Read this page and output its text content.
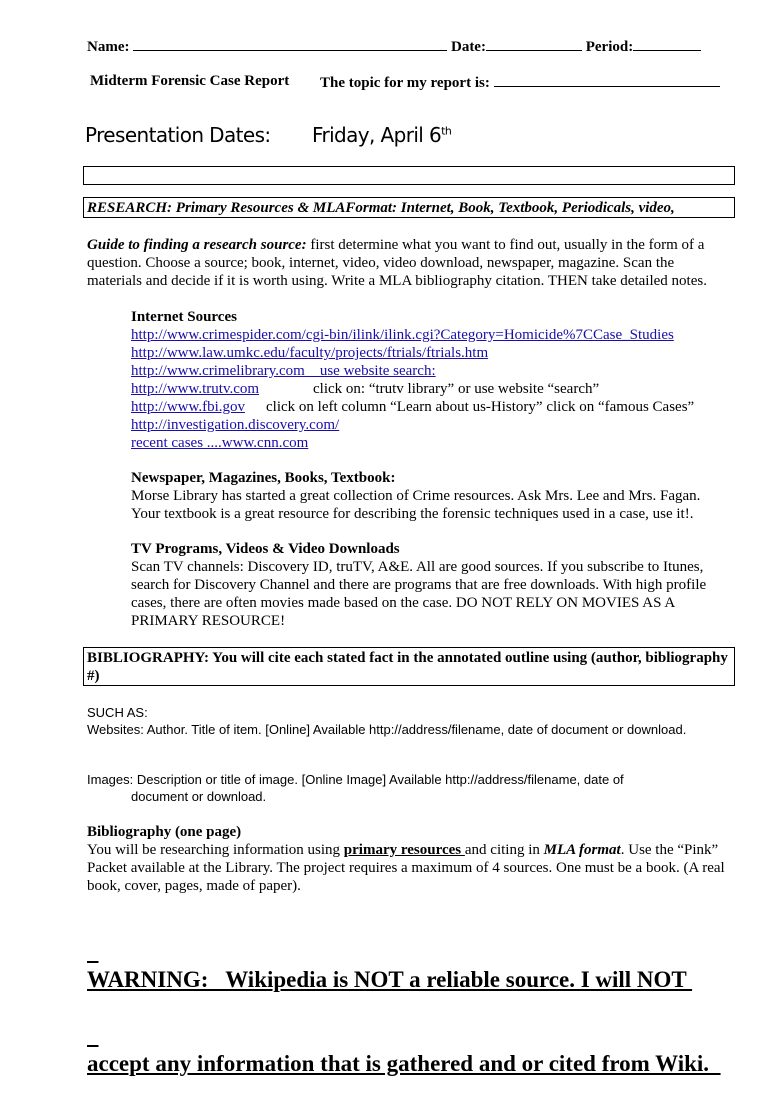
Name:	Date:	Period:
Midterm Forensic Case Report The topic for my report is:
Presentation Dates: Friday, April 6th
RESEARCH: Primary Resources & MLAFormat: Internet, Book, Textbook, Periodicals, video,

Guide to finding a research source: first determine what you want to find out, usually in the form of a question. Choose a source; book, internet, video, video download, newspaper, magazine. Scan the materials and decide if it is worth using. Write a MLA bibliography citation. THEN take detailed notes.

Internet Sources
http://www.crimespider.com/cgi-bin/ilink/ilink.cgi?Category=Homicide%7CCase_Studies
http://www.law.umkc.edu/faculty/projects/ftrials/ftrials.htm
http://www.crimelibrary.com    use website search:
http://www.trutv.com	click on: “trutv library” or use website “search”
http://www.fbi.gov click on left column “Learn about us-History” click on “famous Cases”
http://investigation.discovery.com/
recent cases ....www.cnn.com
Newspaper, Magazines, Books, Textbook:
Morse Library has started a great collection of Crime resources. Ask Mrs. Lee and Mrs. Fagan.
Your textbook is a great resource for describing the forensic techniques used in a case, use it!.
TV Programs, Videos & Video Downloads

Scan TV channels: Discovery ID, truTV, A&E. All are good sources. If you subscribe to Itunes, search for Discovery Channel and there are programs that are free downloads. With high profile cases, there are often movies made based on the case. DO NOT RELY ON MOVIES AS A PRIMARY RESOURCE!

BIBLIOGRAPHY: You will cite each stated fact in the annotated outline using (author, bibliography #)
SUCH AS:

Websites: Author. Title of item. [Online] Available http://address/filename, date of document or download.

Images: Description or title of image. [Online Image] Available http://address/filename, date of
document or download.
Bibliography (one page)

You will be researching information using primary resources and citing in MLA format. Use the “Pink” Packet available at the Library. The project requires a maximum of 4 sources. One must be a book. (A real book, cover, pages, made of paper).

WARNING:   Wikipedia is NOT a reliable source. I will NOT

accept any information that is gathered and or cited from Wiki.
